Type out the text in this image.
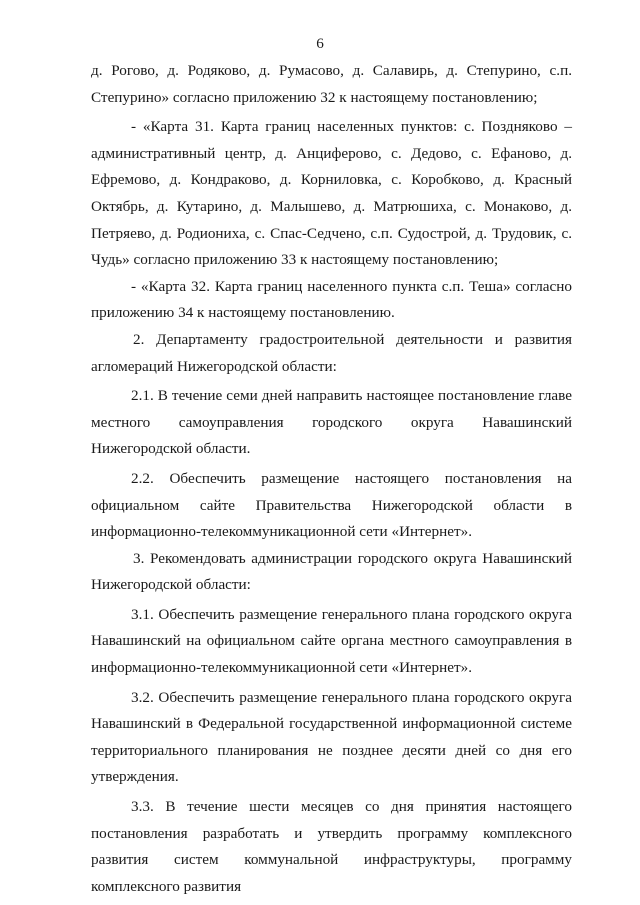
6

д. Рогово, д. Родяково, д. Румасово, д. Салавирь, д. Степурино, с.п. Степурино» согласно приложению 32 к настоящему постановлению;

- «Карта 31. Карта границ населенных пунктов: с. Поздняково – административный центр, д. Анциферово, с. Дедово, с. Ефаново, д. Ефремово, д. Кондраково, д. Корниловка, с. Коробково, д. Красный Октябрь, д. Кутарино, д. Малышево, д. Матрюшиха, с. Монаково, д. Петряево, д. Родиониха, с. Спас-Седчено, с.п. Судострой, д. Трудовик, с. Чудь» согласно приложению 33 к настоящему постановлению;

- «Карта 32. Карта границ населенного пункта с.п. Теша» согласно приложению 34 к настоящему постановлению.

2. Департаменту градостроительной деятельности и развития агломераций Нижегородской области:

2.1. В течение семи дней направить настоящее постановление главе местного самоуправления городского округа Навашинский Нижегородской области.

2.2. Обеспечить размещение настоящего постановления на официальном сайте Правительства Нижегородской области в информационно-телекоммуникационной сети «Интернет».

3. Рекомендовать администрации городского округа Навашинский Нижегородской области:

3.1. Обеспечить размещение генерального плана городского округа Навашинский на официальном сайте органа местного самоуправления в информационно-телекоммуникационной сети «Интернет».

3.2. Обеспечить размещение генерального плана городского округа Навашинский в Федеральной государственной информационной системе территориального планирования не позднее десяти дней со дня его утверждения.

3.3. В течение шести месяцев со дня принятия настоящего постановления разработать и утвердить программу комплексного развития систем коммунальной инфраструктуры, программу комплексного развития
